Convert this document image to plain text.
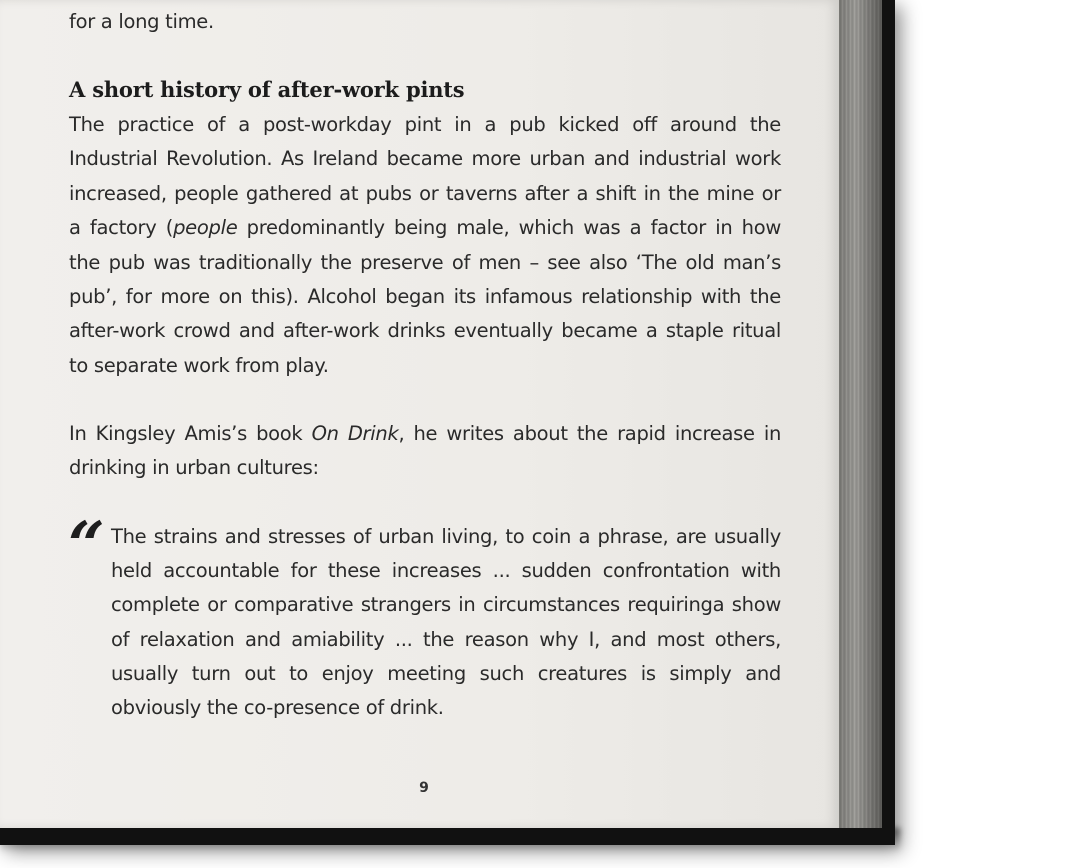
for a long time.
A short history of after-work pints
The practice of a post-workday pint in a pub kicked off around the
Industrial Revolution. As Ireland became more urban and industrial work
increased, people gathered at pubs or taverns after a shift in the mine or
a factory (people predominantly being male, which was a factor in how
the pub was traditionally the preserve of men – see also ‘The old man’s
pub’, for more on this). Alcohol began its infamous relationship with the
after-work crowd and after-work drinks eventually became a staple ritual
to separate work from play.
In Kingsley Amis’s book On Drink, he writes about the rapid increase in
drinking in urban cultures:
“ The strains and stresses of urban living, to coin a phrase, are usually
held accountable for these increases ... sudden confrontation with
complete or comparative strangers in circumstances requiringa show
of relaxation and amiability ... the reason why I, and most others,
usually turn out to enjoy meeting such creatures is simply and
obviously the co-presence of drink.
9
